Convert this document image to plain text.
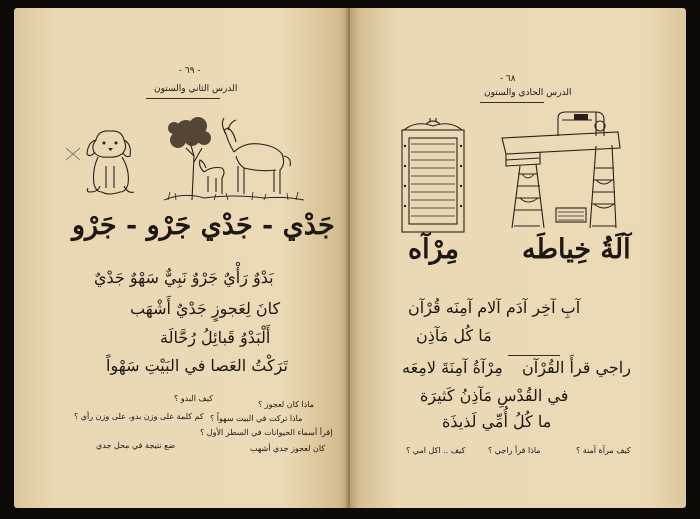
- ٦٩ -
الدرس الثاني والستون
جَدْي - جَدْي جَرْو - جَرْو
بَدْوٌ رَأْيٌ جَرْوٌ نَبِيٌّ سَهْوٌ جَدْيٌ
كانَ لِعَجوزٍ جَدْيٌ أَشْهَب
أَلْبَدْوُ قَبائِلُ رُحَّالَة
تَرَكْتُ العَصا في البَيْتِ سَهْواً
كيف البدو ؟
ماذا كان لعجوز ؟
كم كلمة على وزن بدو، على وزن رأي ؟ ماذا تركت في البيت سهواً ؟
إقرأ أسماء الحيوانات في السطر الأول ؟
ضع نتيجة في محل جدي	كان لعجوز جدي أشهب
٦٨ -
الدرس الحادي والستون
آلَةُ خِياطَه
مِرْآه
آبِ آخِر آدَم آلام آمِنَه قُرْآن
مَا كُل مَآذِن
مِرْآةُ آمِنَةَ لامِعَه راجي قرأَ القُرْآن
في القُدْسِ مَآذِنُ كَثيرَة
ما كُلُ أُمِّي لَذيذَة
كيف مرآة آمنة ؟
ماذا قرأ راجي ؟
كيف .. اكل امي ؟
